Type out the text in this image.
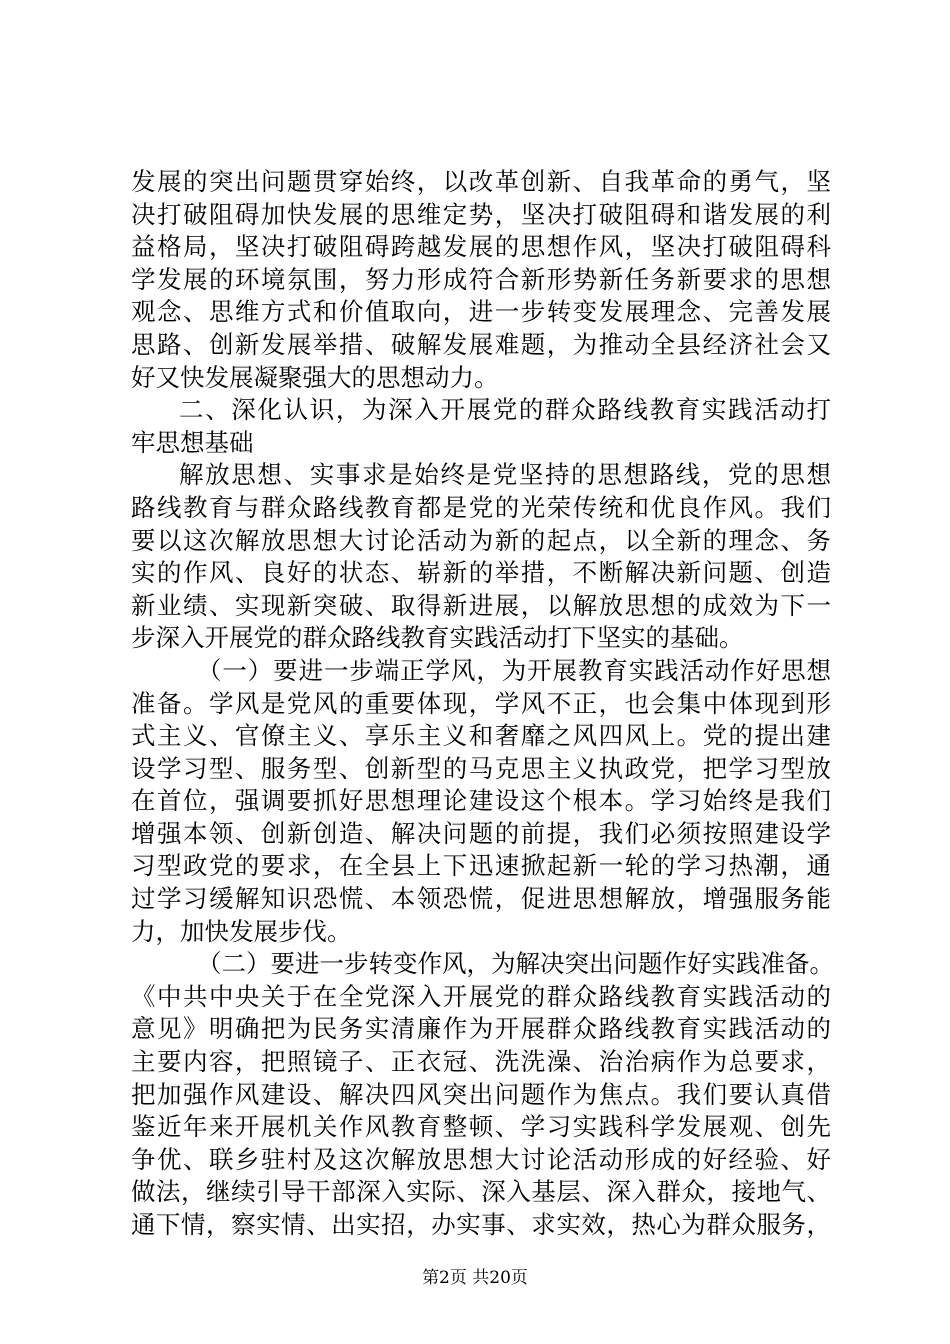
发展的突出问题贯穿始终，以改革创新、自我革命的勇气，坚
决打破阻碍加快发展的思维定势，坚决打破阻碍和谐发展的利
益格局，坚决打破阻碍跨越发展的思想作风，坚决打破阻碍科
学发展的环境氛围，努力形成符合新形势新任务新要求的思想
观念、思维方式和价值取向，进一步转变发展理念、完善发展
思路、创新发展举措、破解发展难题，为推动全县经济社会又
好又快发展凝聚强大的思想动力。
二、深化认识，为深入开展党的群众路线教育实践活动打
牢思想基础
解放思想、实事求是始终是党坚持的思想路线，党的思想
路线教育与群众路线教育都是党的光荣传统和优良作风。我们
要以这次解放思想大讨论活动为新的起点，以全新的理念、务
实的作风、良好的状态、崭新的举措，不断解决新问题、创造
新业绩、实现新突破、取得新进展，以解放思想的成效为下一
步深入开展党的群众路线教育实践活动打下坚实的基础。
（一）要进一步端正学风，为开展教育实践活动作好思想
准备。学风是党风的重要体现，学风不正，也会集中体现到形
式主义、官僚主义、享乐主义和奢靡之风四风上。党的提出建
设学习型、服务型、创新型的马克思主义执政党，把学习型放
在首位，强调要抓好思想理论建设这个根本。学习始终是我们
增强本领、创新创造、解决问题的前提，我们必须按照建设学
习型政党的要求，在全县上下迅速掀起新一轮的学习热潮，通
过学习缓解知识恐慌、本领恐慌，促进思想解放，增强服务能
力，加快发展步伐。
（二）要进一步转变作风，为解决突出问题作好实践准备。
《中共中央关于在全党深入开展党的群众路线教育实践活动的
意见》明确把为民务实清廉作为开展群众路线教育实践活动的
主要内容，把照镜子、正衣冠、洗洗澡、治治病作为总要求，
把加强作风建设、解决四风突出问题作为焦点。我们要认真借
鉴近年来开展机关作风教育整顿、学习实践科学发展观、创先
争优、联乡驻村及这次解放思想大讨论活动形成的好经验、好
做法，继续引导干部深入实际、深入基层、深入群众，接地气、
通下情，察实情、出实招，办实事、求实效，热心为群众服务，
第2页 共20页
